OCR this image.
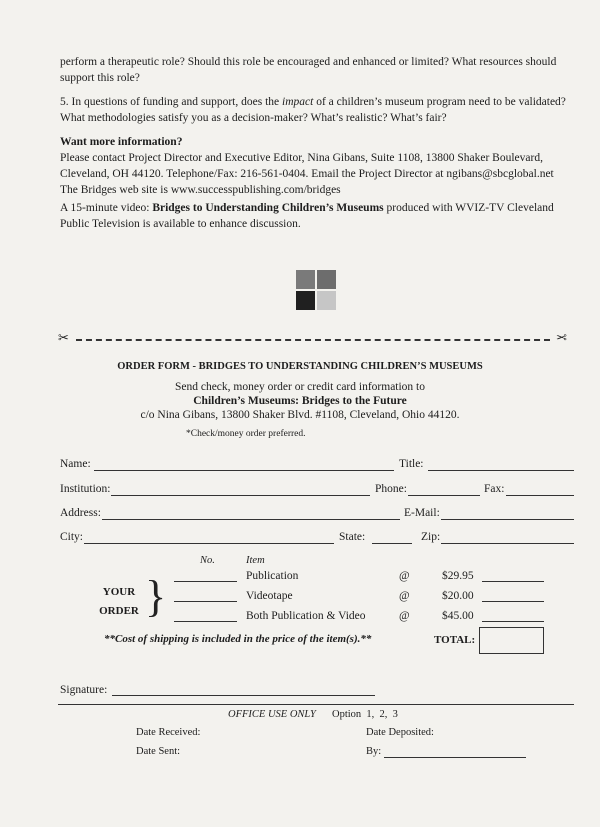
perform a therapeutic role? Should this role be encouraged and enhanced or limited? What resources should
support this role?
5. In questions of funding and support, does the impact of a children’s museum program need to be validated?
What methodologies satisfy you as a decision-maker? What’s realistic? What’s fair?
Want more information?
Please contact Project Director and Executive Editor, Nina Gibans, Suite 1108, 13800 Shaker Boulevard,
Cleveland, OH 44120. Telephone/Fax: 216-561-0404. Email the Project Director at ngibans@sbcglobal.net
The Bridges web site is www.successpublishing.com/bridges
A 15-minute video: Bridges to Understanding Children’s Museums produced with WVIZ-TV Cleveland
Public Television is available to enhance discussion.
✂	✂
ORDER FORM - BRIDGES TO UNDERSTANDING CHILDREN’S MUSEUMS
Send check, money order or credit card information to
Children’s Museums: Bridges to the Future
c/o Nina Gibans, 13800 Shaker Blvd. #1108, Cleveland, Ohio 44120.
*Check/money order preferred.
Name:	Title:
Institution:	Phone:	Fax:
Address:	E-Mail:
City:	State:	Zip:
No.	Item
YOUR
ORDER }	Publication	@	$29.95
Videotape	@	$20.00
Both Publication & Video	@	$45.00
**Cost of shipping is included in the price of the item(s).**	TOTAL:
Signature:
OFFICE USE ONLY Option 1, 2, 3
Date Received:	Date Deposited:
Date Sent:	By:
